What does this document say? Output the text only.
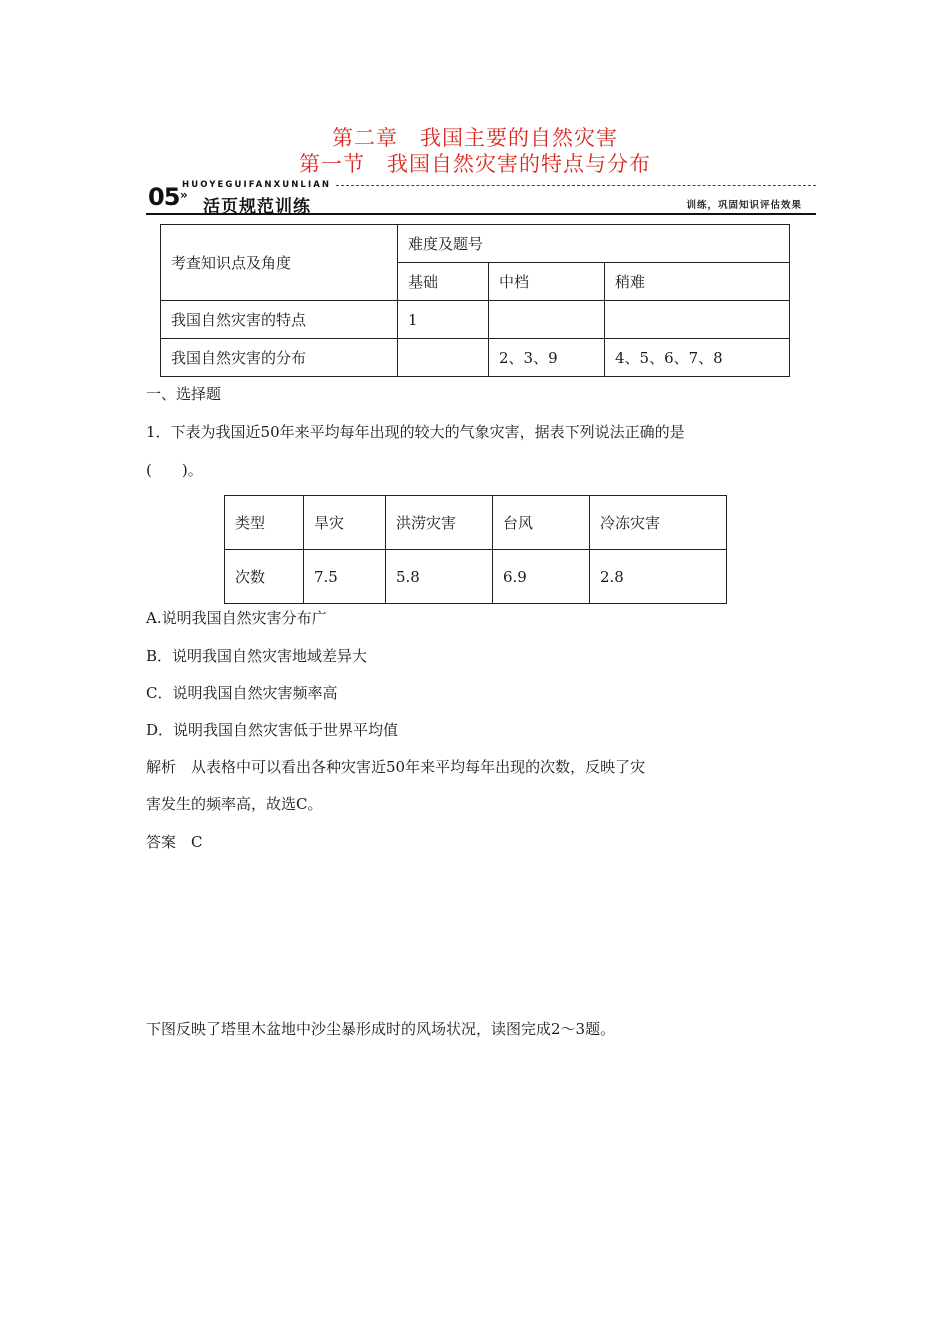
第二章　我国主要的自然灾害
第一节　我国自然灾害的特点与分布
05 HUOYEGUIFANXUNLIAN
»
活页规范训练	训练，巩固知识评估效果
考查知识点及角度	难度及题号		
	基础	中档	稍难
我国自然灾害的特点	1		
我国自然灾害的分布		2、3、9	4、5、6、7、8
一、选择题
1．下表为我国近50年来平均每年出现的较大的气象灾害，据表下列说法正确的是
(　　)。
类型	旱灾	洪涝灾害	台风	冷冻灾害
次数	7.5	5.8	6.9	2.8
A.说明我国自然灾害分布广
B．说明我国自然灾害地域差异大
C．说明我国自然灾害频率高
D．说明我国自然灾害低于世界平均值
解析　从表格中可以看出各种灾害近50年来平均每年出现的次数，反映了灾
害发生的频率高，故选C。
答案　C
下图反映了塔里木盆地中沙尘暴形成时的风场状况，读图完成2～3题。
